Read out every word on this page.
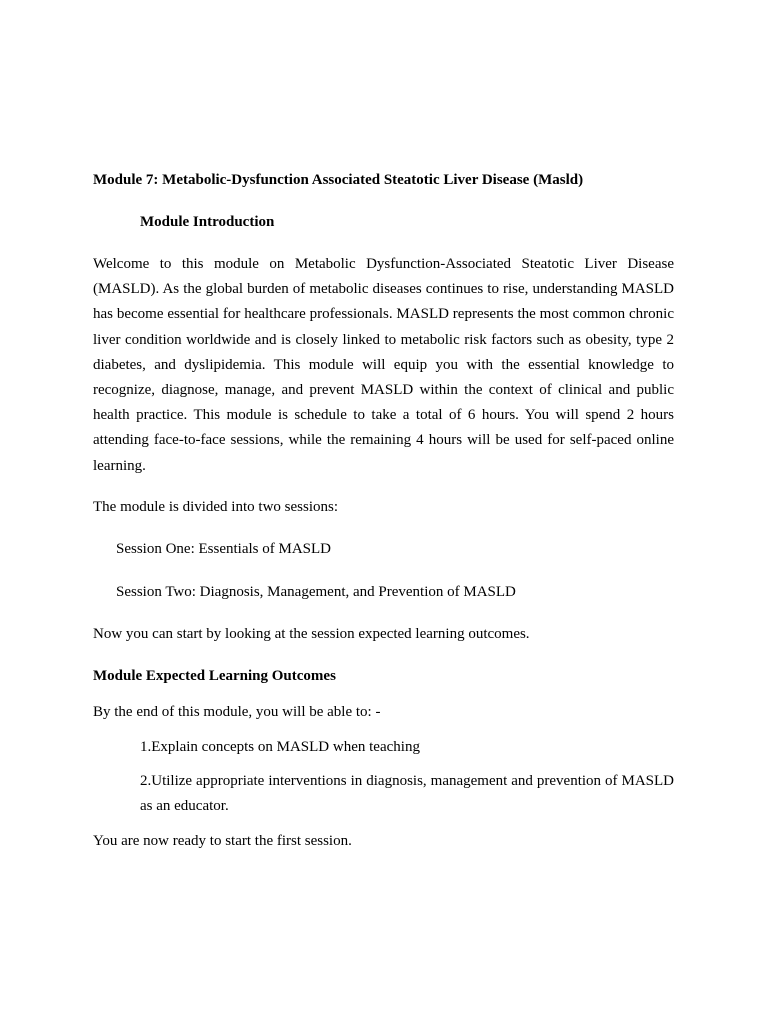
Module 7: Metabolic-Dysfunction Associated Steatotic Liver Disease (Masld)

Module Introduction

Welcome to this module on Metabolic Dysfunction-Associated Steatotic Liver Disease (MASLD). As the global burden of metabolic diseases continues to rise, understanding MASLD has become essential for healthcare professionals. MASLD represents the most common chronic liver condition worldwide and is closely linked to metabolic risk factors such as obesity, type 2 diabetes, and dyslipidemia. This module will equip you with the essential knowledge to recognize, diagnose, manage, and prevent MASLD within the context of clinical and public health practice. This module is schedule to take a total of 6 hours. You will spend 2 hours attending face-to-face sessions, while the remaining 4 hours will be used for self-paced online learning.

The module is divided into two sessions:

Session One: Essentials of MASLD

Session Two: Diagnosis, Management, and Prevention of MASLD

Now you can start by looking at the session expected learning outcomes.

Module Expected Learning Outcomes

By the end of this module, you will be able to: -

1.Explain concepts on MASLD when teaching

2.Utilize appropriate interventions in diagnosis, management and prevention of MASLD as an educator.

You are now ready to start the first session.
